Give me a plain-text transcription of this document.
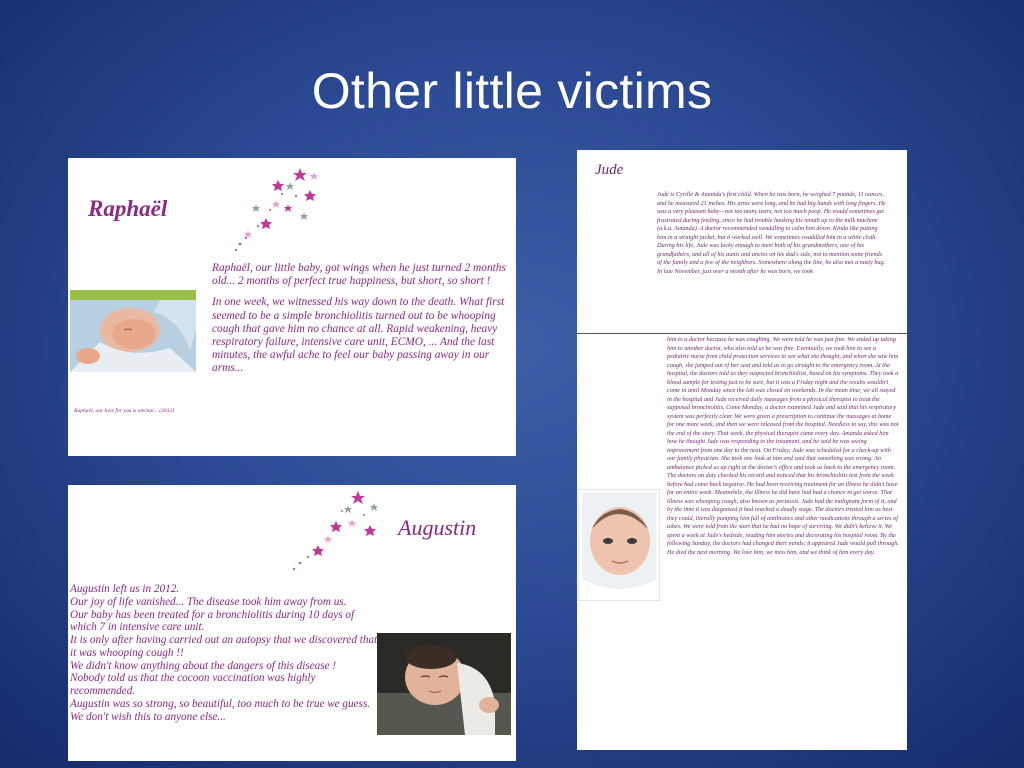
Other little victims
Raphaël

Raphaël, our little baby, got wings when he just turned 2 months old... 2 months of perfect true happiness, but short, so short !

In one week, we witnessed his way down to the death. What first seemed to be a simple bronchiolitis turned out to be whooping cough that gave him no chance at all. Rapid weakening, heavy respiratory failure, intensive care unit, ECMO, ... And the last minutes, the awful ache to feel our baby passing away in our arms...

Raphaël, our love for you is eternal... (2012)
Augustin
Augustin left us in 2012.
Our joy of life vanished... The disease took him away from us.
Our baby has been treated for a bronchiolitis during 10 days of which 7 in intensive care unit.
It is only after having carried out an autopsy that we discovered that it was whooping cough !!
We didn't know anything about the dangers of this disease !
Nobody told us that the cocoon vaccination was highly recommended.
Augustin was so strong, so beautiful, too much to be true we guess.
We don't wish this to anyone else...
Jude
Jude is Cyrille & Amanda's first child. When he was born, he weighed 7 pounds, 11 ounces, and he measured 21 inches. His arms were long, and he had big hands with long fingers. He was a very pleasant baby—not too many tears, not too much poop. He would sometimes get frustrated during feeding, since he had trouble hooking his mouth up to the milk machine (a.k.a. Amanda). A doctor recommended swaddling to calm him down. Kinda like putting him in a straight jacket, but it worked well. We sometimes swaddled him in a white cloth. During his life, Jude was lucky enough to meet both of his grandmothers, one of his grandfathers, and all of his aunts and uncles on his dad's side, not to mention some friends of the family and a few of the neighbors. Somewhere along the line, he also met a nasty bug. In late November, just over a month after he was born, we took
him to a doctor because he was coughing. We were told he was just fine. We ended up taking him to another doctor, who also told us he was fine. Eventually, we took him to see a pediatric nurse from child protection services to see what she thought, and when she saw him cough, she jumped out of her seat and told us to go straight to the emergency room. At the hospital, the doctors told us they suspected bronchiolitis, based on his symptoms. They took a blood sample for testing just to be sure, but it was a Friday night and the results wouldn't come in until Monday since the lab was closed on weekends. In the mean time, we all stayed in the hospital and Jude received daily massages from a physical therapist to treat the supposed bronchiolitis. Come Monday, a doctor examined Jude and said that his respiratory system was perfectly clear. We were given a prescription to continue the massages at home for one more week, and then we were released from the hospital. Needless to say, this was not the end of the story. That week, the physical therapist came every day. Amanda asked him how he thought Jude was responding to the treatment, and he said he was seeing improvement from one day to the next. On Friday, Jude was scheduled for a check-up with our family physician. She took one look at him and said that something was wrong. An ambulance picked us up right at the doctor's office and took us back to the emergency room. The doctors on duty checked his record and noticed that his bronchiolitis test from the week before had come back negative. He had been receiving treatment for an illness he didn't have for an entire week. Meanwhile, the illness he did have had had a chance to get worse. That illness was whooping cough, also known as pertussis. Jude had the malignant form of it, and by the time it was diagnosed it had reached a deadly stage. The doctors treated him as best they could, literally pumping him full of antibiotics and other medications through a series of tubes. We were told from the start that he had no hope of surviving. We didn't believe it. We spent a week at Jude's bedside, reading him stories and decorating his hospital room. By the following Sunday, the doctors had changed their minds; it appeared Jude would pull through. He died the next morning. We love him, we miss him, and we think of him every day.
